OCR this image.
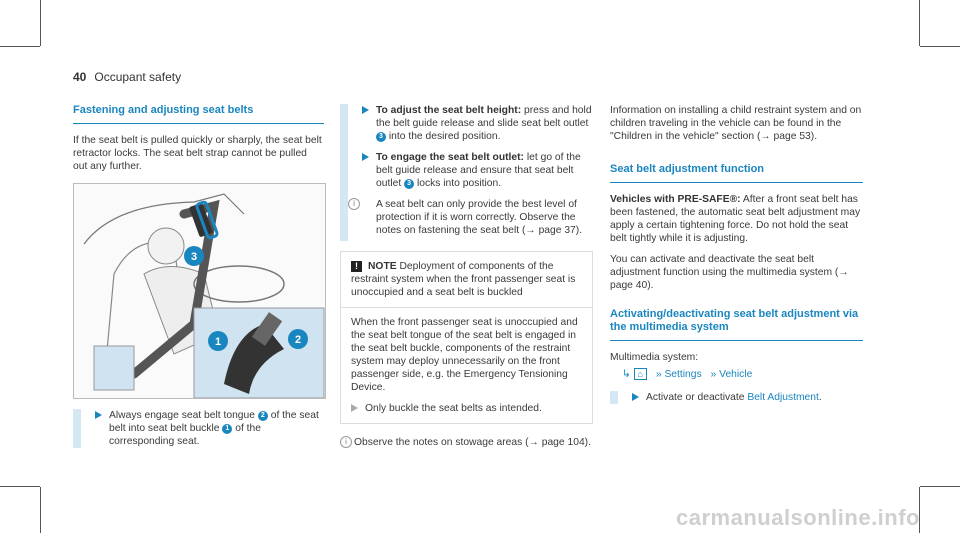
40 Occupant safety
Fastening and adjusting seat belts

If the seat belt is pulled quickly or sharply, the seat belt retractor locks. The seat belt strap cannot be pulled out any further.

3
1	2
Always engage seat belt tongue 2 of the seat belt into seat belt buckle 1 of the corresponding seat.
To adjust the seat belt height: press and hold the belt guide release and slide seat belt outlet 3 into the desired position.
To engage the seat belt outlet: let go of the belt guide release and ensure that seat belt outlet 3 locks into position.
i	A seat belt can only provide the best level of protection if it is worn correctly. Observe the notes on fastening the seat belt (→ page 37).

! NOTE Deployment of components of the restraint system when the front passenger seat is unoccupied and a seat belt is buckled

When the front passenger seat is unoccupied and the seat belt tongue of the seat belt is engaged in the seat belt buckle, components of the restraint system may deploy unnecessarily on the front passenger side, e.g. the Emergency Tensioning Device.

Only buckle the seat belts as intended.
i Observe the notes on stowage areas (→ page 104).

Information on installing a child restraint system and on children traveling in the vehicle can be found in the "Children in the vehicle" section (→ page 53).

Seat belt adjustment function

Vehicles with PRE-SAFE®: After a front seat belt has been fastened, the automatic seat belt adjustment may apply a certain tightening force. Do not hold the seat belt tightly while it is adjusting.

You can activate and deactivate the seat belt adjustment function using the multimedia system (→ page 40).

Activating/deactivating seat belt adjustment via the multimedia system

Multimedia system:

↳ ⌂ » Settings » Vehicle
Activate or deactivate Belt Adjustment.
carmanualsonline.info
